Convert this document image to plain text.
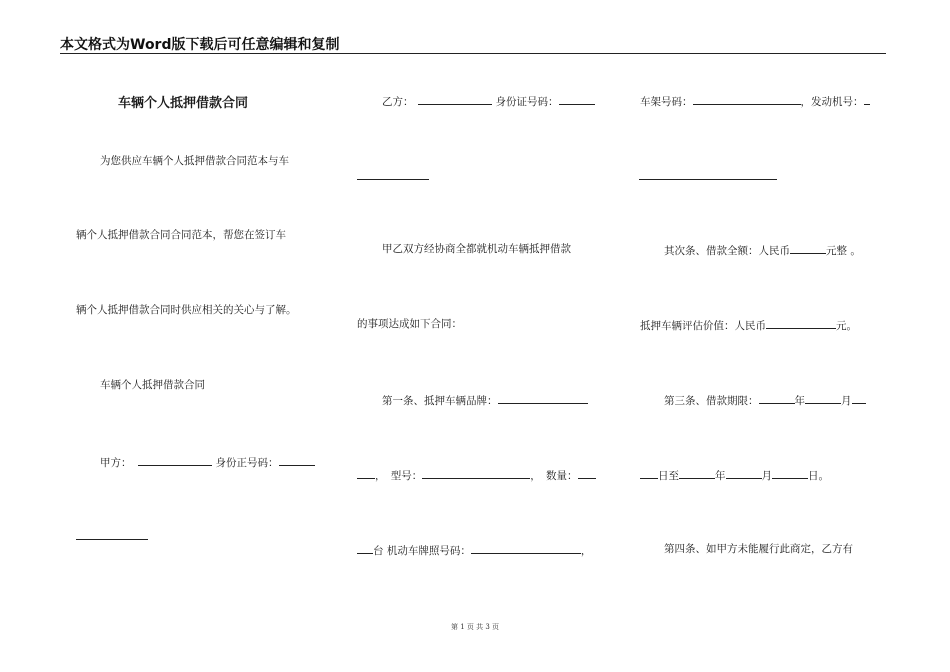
本文格式为Word版下载后可任意编辑和复制
车辆个人抵押借款合同
为您供应车辆个人抵押借款合同范本与车
辆个人抵押借款合同合同范本，帮您在签订车
辆个人抵押借款合同时供应相关的关心与了解。
车辆个人抵押借款合同
甲方：	身份正号码：
乙方：	身份证号码：
甲乙双方经协商全都就机动车辆抵押借款
的事项达成如下合同：
第一条、抵押车辆品牌：
，　型号：	，　数量：
台 机动车牌照号码：	，
车架号码：	，发动机号：
其次条、借款全额：人民币	元整 。
抵押车辆评估价值：人民币	元。
第三条、借款期限：	年	月
日至	年	月	日。
第四条、如甲方未能履行此商定，乙方有
第 1 页 共 3 页
